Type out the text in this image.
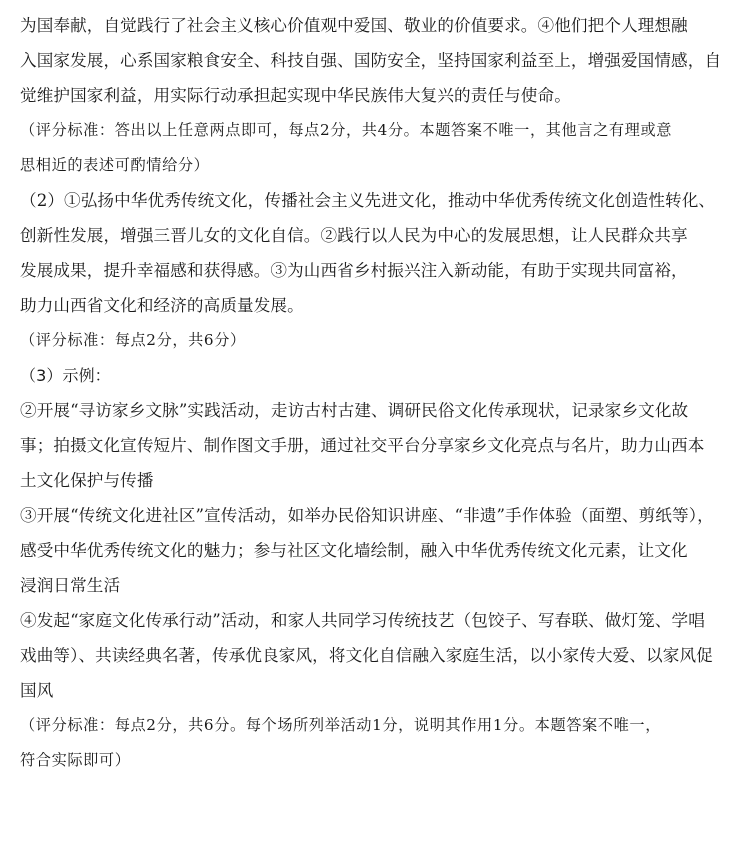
为国奉献，自觉践行了社会主义核心价值观中爱国、敬业的价值要求。④他们把个人理想融
入国家发展，心系国家粮食安全、科技自强、国防安全，坚持国家利益至上，增强爱国情感，自
觉维护国家利益，用实际行动承担起实现中华民族伟大复兴的责任与使命。
（评分标准：答出以上任意两点即可，每点2分，共4分。本题答案不唯一，其他言之有理或意
思相近的表述可酌情给分）
（2）①弘扬中华优秀传统文化，传播社会主义先进文化，推动中华优秀传统文化创造性转化、
创新性发展，增强三晋儿女的文化自信。②践行以人民为中心的发展思想，让人民群众共享
发展成果，提升幸福感和获得感。③为山西省乡村振兴注入新动能，有助于实现共同富裕，
助力山西省文化和经济的高质量发展。
（评分标准：每点2分，共6分）
（3）示例：
②开展“寻访家乡文脉”实践活动，走访古村古建、调研民俗文化传承现状，记录家乡文化故
事；拍摄文化宣传短片、制作图文手册，通过社交平台分享家乡文化亮点与名片，助力山西本
土文化保护与传播
③开展“传统文化进社区”宣传活动，如举办民俗知识讲座、“非遗”手作体验（面塑、剪纸等），
感受中华优秀传统文化的魅力；参与社区文化墙绘制，融入中华优秀传统文化元素，让文化
浸润日常生活
④发起“家庭文化传承行动”活动，和家人共同学习传统技艺（包饺子、写春联、做灯笼、学唱
戏曲等）、共读经典名著，传承优良家风，将文化自信融入家庭生活，以小家传大爱、以家风促
国风
（评分标准：每点2分，共6分。每个场所列举活动1分，说明其作用1分。本题答案不唯一，
符合实际即可）
